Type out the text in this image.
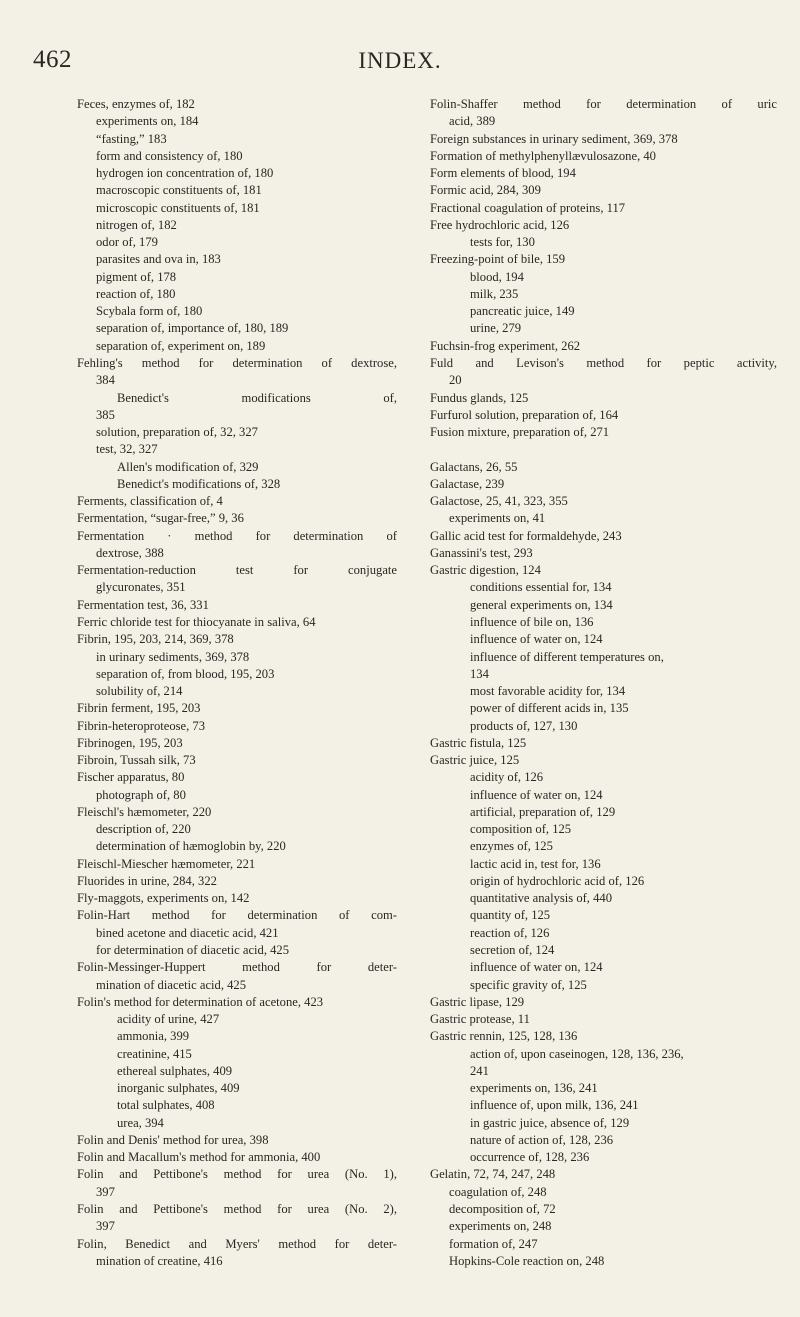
462	INDEX.
Feces, enzymes of, 182
experiments on, 184
“fasting,” 183
form and consistency of, 180
hydrogen ion concentration of, 180
macroscopic constituents of, 181
microscopic constituents of, 181
nitrogen of, 182
odor of, 179
parasites and ova in, 183
pigment of, 178
reaction of, 180
Scybala form of, 180
separation of, importance of, 180, 189
separation of, experiment on, 189
Fehling's method for determination of dextrose,
384
Benedict's modifications of,
385
solution, preparation of, 32, 327
test, 32, 327
Allen's modification of, 329
Benedict's modifications of, 328
Ferments, classification of, 4
Fermentation, “sugar-free,” 9, 36
Fermentation · method for determination of
dextrose, 388
Fermentation-reduction test for conjugate
glycuronates, 351
Fermentation test, 36, 331
Ferric chloride test for thiocyanate in saliva, 64
Fibrin, 195, 203, 214, 369, 378
in urinary sediments, 369, 378
separation of, from blood, 195, 203
solubility of, 214
Fibrin ferment, 195, 203
Fibrin-heteroproteose, 73
Fibrinogen, 195, 203
Fibroin, Tussah silk, 73
Fischer apparatus, 80
photograph of, 80
Fleischl's hæmometer, 220
description of, 220
determination of hæmoglobin by, 220
Fleischl-Miescher hæmometer, 221
Fluorides in urine, 284, 322
Fly-maggots, experiments on, 142
Folin-Hart method for determination of com-
bined acetone and diacetic acid, 421
for determination of diacetic acid, 425
Folin-Messinger-Huppert method for deter-
mination of diacetic acid, 425
Folin's method for determination of acetone, 423
acidity of urine, 427
ammonia, 399
creatinine, 415
ethereal sulphates, 409
inorganic sulphates, 409
total sulphates, 408
urea, 394
Folin and Denis' method for urea, 398
Folin and Macallum's method for ammonia, 400
Folin and Pettibone's method for urea (No. 1),
397
Folin and Pettibone's method for urea (No. 2),
397
Folin, Benedict and Myers' method for deter-
mination of creatine, 416
Folin-Shaffer method for determination of uric
acid, 389
Foreign substances in urinary sediment, 369, 378
Formation of methylphenyllævulosazone, 40
Form elements of blood, 194
Formic acid, 284, 309
Fractional coagulation of proteins, 117
Free hydrochloric acid, 126
tests for, 130
Freezing-point of bile, 159
blood, 194
milk, 235
pancreatic juice, 149
urine, 279
Fuchsin-frog experiment, 262
Fuld and Levison's method for peptic activity,
20
Fundus glands, 125
Furfurol solution, preparation of, 164
Fusion mixture, preparation of, 271
Galactans, 26, 55
Galactase, 239
Galactose, 25, 41, 323, 355
experiments on, 41
Gallic acid test for formaldehyde, 243
Ganassini's test, 293
Gastric digestion, 124
conditions essential for, 134
general experiments on, 134
influence of bile on, 136
influence of water on, 124
influence of different temperatures on,
134
most favorable acidity for, 134
power of different acids in, 135
products of, 127, 130
Gastric fistula, 125
Gastric juice, 125
acidity of, 126
influence of water on, 124
artificial, preparation of, 129
composition of, 125
enzymes of, 125
lactic acid in, test for, 136
origin of hydrochloric acid of, 126
quantitative analysis of, 440
quantity of, 125
reaction of, 126
secretion of, 124
influence of water on, 124
specific gravity of, 125
Gastric lipase, 129
Gastric protease, 11
Gastric rennin, 125, 128, 136
action of, upon caseinogen, 128, 136, 236,
241
experiments on, 136, 241
influence of, upon milk, 136, 241
in gastric juice, absence of, 129
nature of action of, 128, 236
occurrence of, 128, 236
Gelatin, 72, 74, 247, 248
coagulation of, 248
decomposition of, 72
experiments on, 248
formation of, 247
Hopkins-Cole reaction on, 248
